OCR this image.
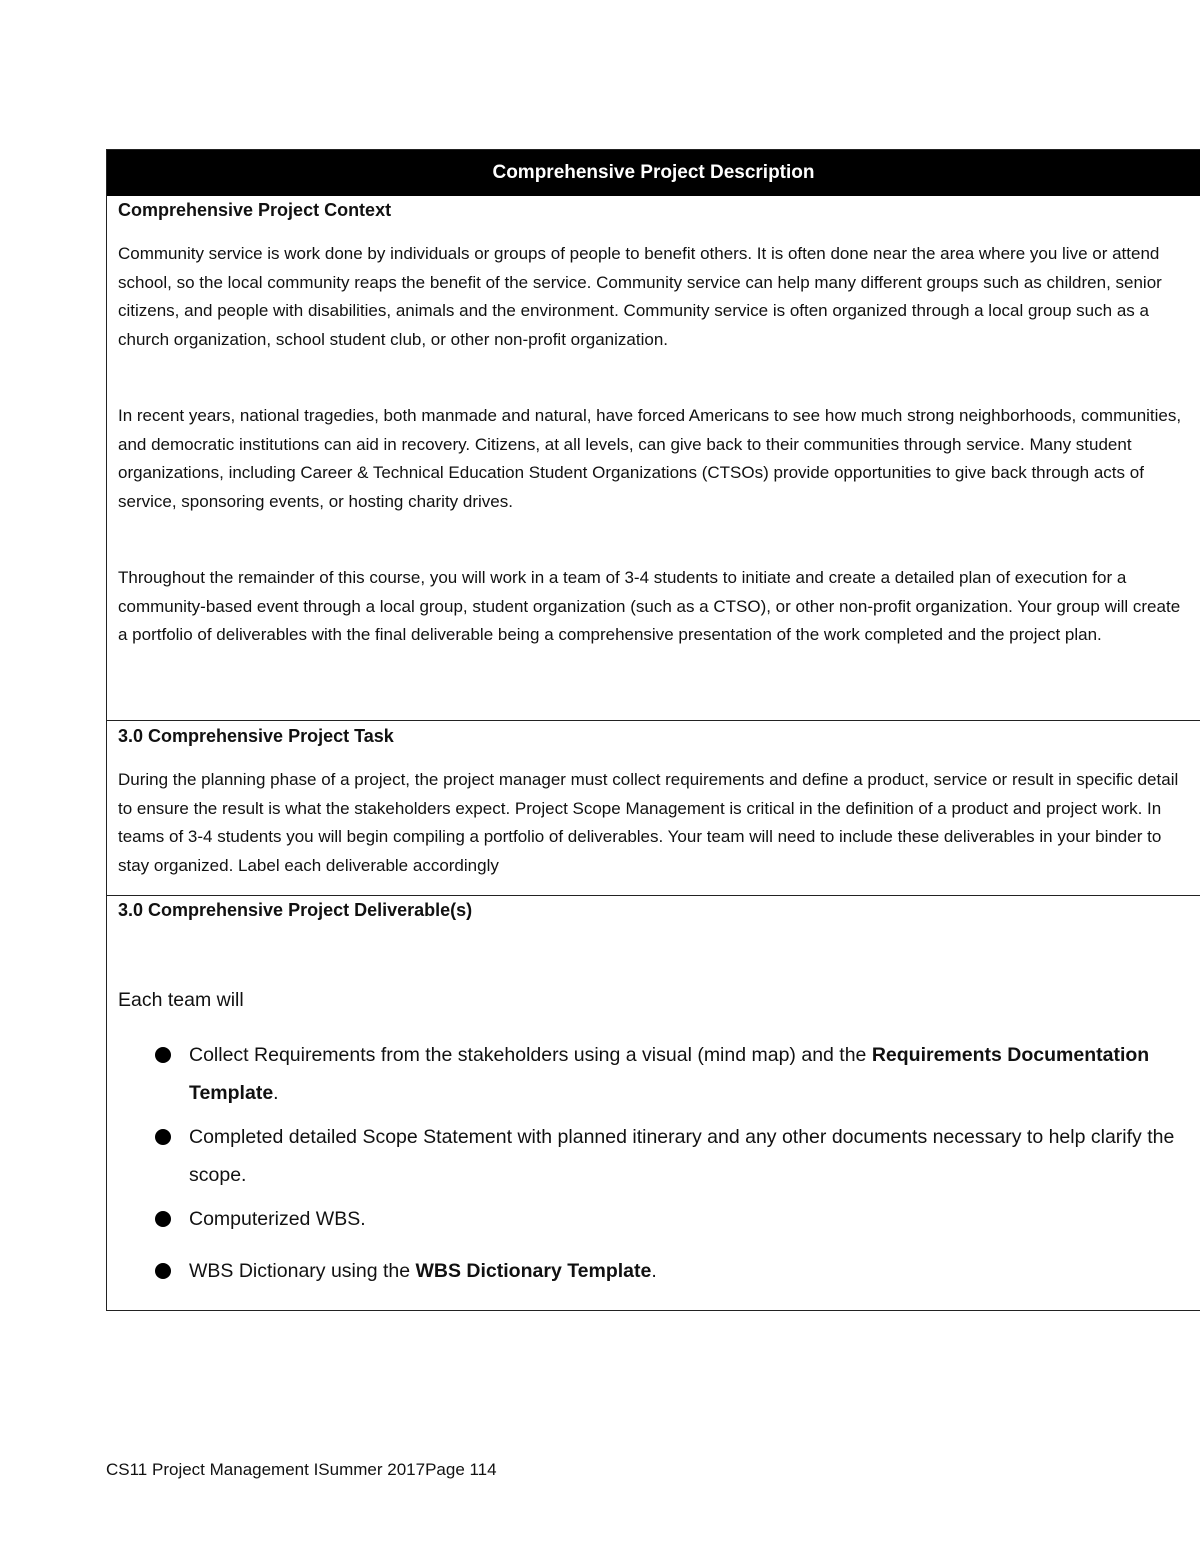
Comprehensive Project Description

Comprehensive Project Context

Community service is work done by individuals or groups of people to benefit others. It is often done near the area where you live or attend school, so the local community reaps the benefit of the service. Community service can help many different groups such as children, senior citizens, and people with disabilities, animals and the environment. Community service is often organized through a local group such as a church organization, school student club, or other non-profit organization.

In recent years, national tragedies, both manmade and natural, have forced Americans to see how much strong neighborhoods, communities, and democratic institutions can aid in recovery. Citizens, at all levels, can give back to their communities through service. Many student organizations, including Career & Technical Education Student Organizations (CTSOs) provide opportunities to give back through acts of service, sponsoring events, or hosting charity drives.

Throughout the remainder of this course, you will work in a team of 3-4 students to initiate and create a detailed plan of execution for a community-based event through a local group, student organization (such as a CTSO), or other non-profit organization. Your group will create a portfolio of deliverables with the final deliverable being a comprehensive presentation of the work completed and the project plan.

3.0 Comprehensive Project Task

During the planning phase of a project, the project manager must collect requirements and define a product, service or result in specific detail to ensure the result is what the stakeholders expect. Project Scope Management is critical in the definition of a product and project work. In teams of 3-4 students you will begin compiling a portfolio of deliverables. Your team will need to include these deliverables in your binder to stay organized. Label each deliverable accordingly

3.0 Comprehensive Project Deliverable(s)

Each team will

Collect Requirements from the stakeholders using a visual (mind map) and the Requirements Documentation Template.
Completed detailed Scope Statement with planned itinerary and any other documents necessary to help clarify the scope.
Computerized WBS.
WBS Dictionary using the WBS Dictionary Template.
CS11 Project Management ISummer 2017Page 114
